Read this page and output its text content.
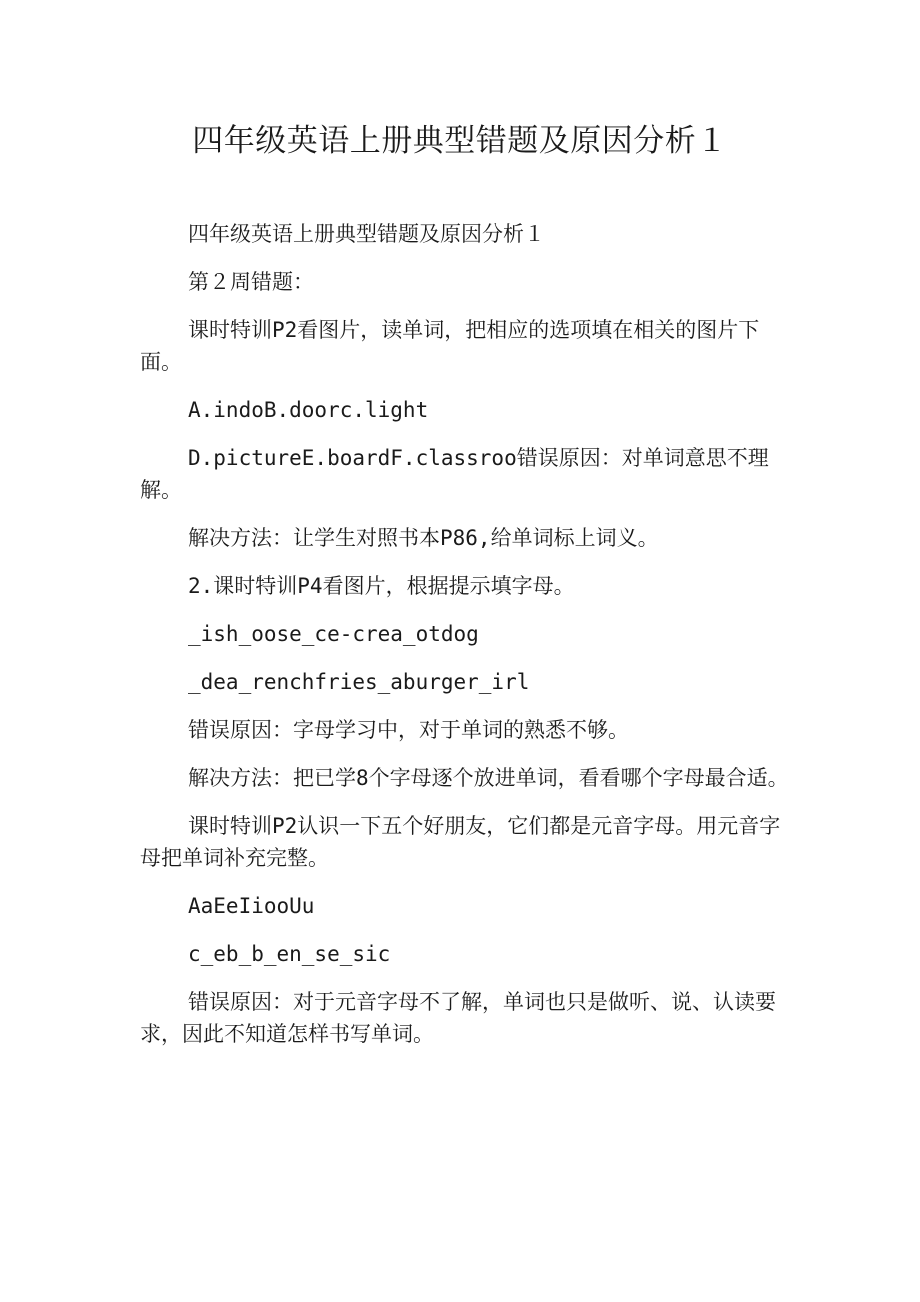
四年级英语上册典型错题及原因分析１

四年级英语上册典型错题及原因分析１

第２周错题：

课时特训P2看图片，读单词，把相应的选项填在相关的图片下面。

A.indoB.doorc.light

D.pictureE.boardF.classroo错误原因：对单词意思不理解。

解决方法：让学生对照书本P86,给单词标上词义。

2.课时特训P4看图片，根据提示填字母。

_ish_oose_ce-crea_otdog

_dea_renchfries_aburger_irl

错误原因：字母学习中，对于单词的熟悉不够。

解决方法：把已学8个字母逐个放进单词，看看哪个字母最合适。

课时特训P2认识一下五个好朋友，它们都是元音字母。用元音字母把单词补充完整。

AaEeIiooUu

c_eb_b_en_se_sic

错误原因：对于元音字母不了解，单词也只是做听、说、认读要求，因此不知道怎样书写单词。
